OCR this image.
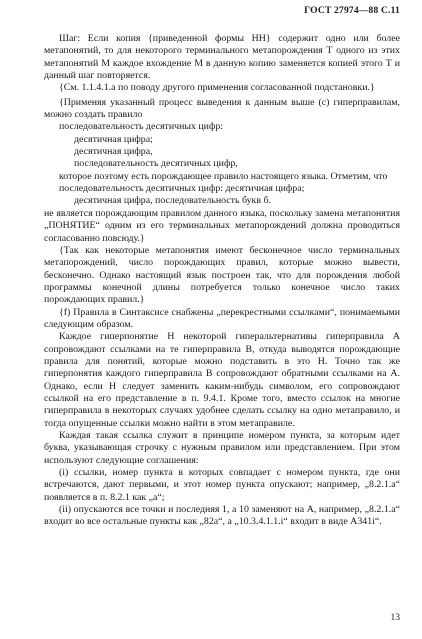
ГОСТ 27974—88 С.11

Шаг: Если копия {приведенной формы НН} содержит одно или более метапонятий, то для некоторого терминального метапорождения Т одного из этих метапонятий М каждое вхождение М в данную копию заменяется копией этого Т и данный шаг повторяется.

{См. 1.1.4.1.а по поводу другого применения согласованной подстановки.}

{Применяя указанный процесс выведения к данным выше (с) гиперправилам, можно создать правило

последовательность десятичных цифр:

десятичная цифра;

десятичная цифра,

последовательность десятичных цифр,

которое поэтому есть порождающее правило настоящего языка. Отметим, что

последовательность десятичных цифр: десятичная цифра;

десятичная цифра, последовательность букв б.

не является порождающим правилом данного языка, поскольку замена метапонятия „ПОНЯТИЕ“ одним из его терминальных метапорождений должна проводиться согласованно повсюду.}

{Так как некоторые метапонятия имеют бесконечное число терминальных метапорождений, число порождающих правил, которые можно вывести, бесконечно. Однако настоящий язык построен так, что для порождения любой программы конечной длины потребуется только конечное число таких порождающих правил.}

{f) Правила в Синтаксисе снабжены „перекрестными ссылками“, понимаемыми следующим образом.

Каждое гиперпонятие Н некоторой гиперальтернативы гиперправила А сопровождают ссылками на те гиперправила В, откуда выводятся порождающие правила для понятий, которые можно подставить в это Н. Точно так же гиперпонятия каждого гиперправила В сопровождают обратными ссылками на А. Однако, если Н следует заменить каким-нибудь символом, его сопровождают ссылкой на его представление в п. 9.4.1. Кроме того, вместо ссылок на многие гиперправила в некоторых случаях удобнее сделать ссылку на одно метаправило, и тогда опущенные ссылки можно найти в этом метаправиле.

Каждая такая ссылка служит в принципе номером пункта, за которым идет буква, указывающая строчку с нужным правилом или представлением. При этом используют следующие соглашения:

(i) ссылки, номер пункта в которых совпадает с номером пункта, где они встречаются, дают первыми, и этот номер пункта опускают; например, „8.2.1.а“ появляется в п. 8.2.1 как „а“;

(ii) опускаются все точки и последняя 1, а 10 заменяют на А, например, „8.2.1.а“ входит во все остальные пункты как „82а“, а „10.3.4.1.1.i“ входит в виде А341i“.

13
